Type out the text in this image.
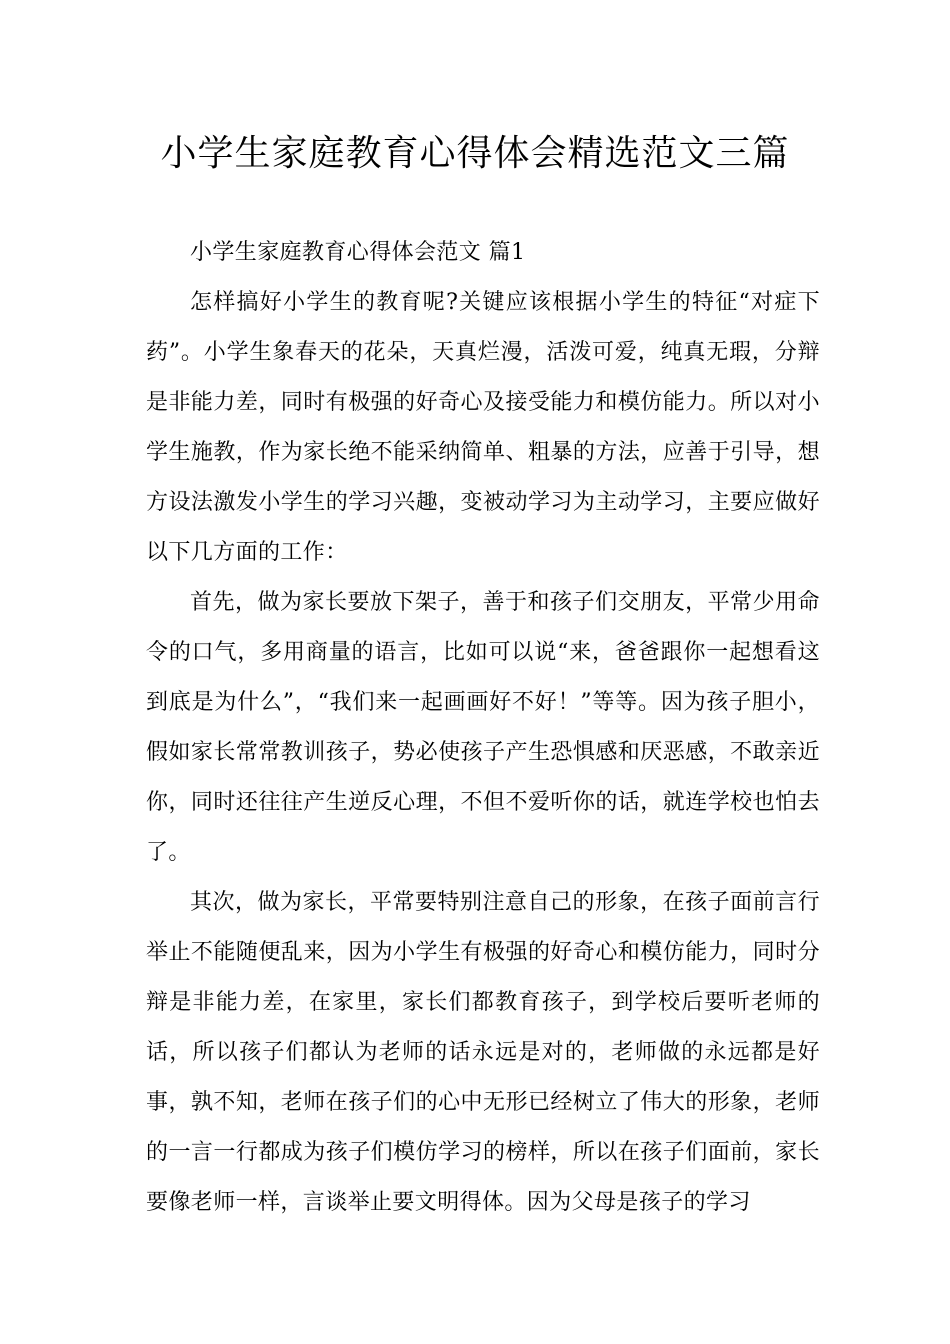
小学生家庭教育心得体会精选范文三篇

小学生家庭教育心得体会范文 篇1

怎样搞好小学生的教育呢?关键应该根据小学生的特征“对症下药”。小学生象春天的花朵，天真烂漫，活泼可爱，纯真无瑕，分辩是非能力差，同时有极强的好奇心及接受能力和模仿能力。所以对小学生施教，作为家长绝不能采纳简单、粗暴的方法，应善于引导，想方设法激发小学生的学习兴趣，变被动学习为主动学习，主要应做好以下几方面的工作：

首先，做为家长要放下架子，善于和孩子们交朋友，平常少用命令的口气，多用商量的语言，比如可以说“来，爸爸跟你一起想看这到底是为什么”，“我们来一起画画好不好！”等等。因为孩子胆小，假如家长常常教训孩子，势必使孩子产生恐惧感和厌恶感，不敢亲近你，同时还往往产生逆反心理，不但不爱听你的话，就连学校也怕去了。

其次，做为家长，平常要特别注意自己的形象，在孩子面前言行举止不能随便乱来，因为小学生有极强的好奇心和模仿能力，同时分辩是非能力差，在家里，家长们都教育孩子，到学校后要听老师的话，所以孩子们都认为老师的话永远是对的，老师做的永远都是好事，孰不知，老师在孩子们的心中无形已经树立了伟大的形象，老师的一言一行都成为孩子们模仿学习的榜样，所以在孩子们面前，家长要像老师一样，言谈举止要文明得体。因为父母是孩子的学习
